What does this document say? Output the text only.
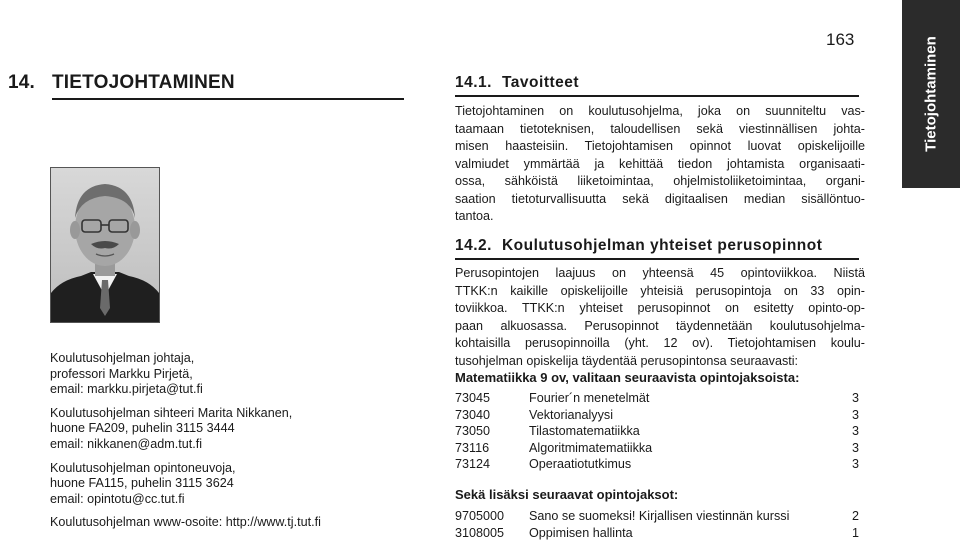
163	Tietojohtaminen
14. TIETOJOHTAMINEN

Koulutusohjelman johtaja,
professori Markku Pirjetä,
email: markku.pirjeta@tut.fi

Koulutusohjelman sihteeri Marita Nikkanen,
huone FA209, puhelin 3115 3444
email: nikkanen@adm.tut.fi

Koulutusohjelman opintoneuvoja,
huone FA115, puhelin 3115 3624
email: opintotu@cc.tut.fi

Koulutusohjelman www-osoite: http://www.tj.tut.fi

14.1. Tavoitteet
Tietojohtaminen on koulutusohjelma, joka on suunniteltu vas-
taamaan tietoteknisen, taloudellisen sekä viestinnällisen johta-
misen haasteisiin. Tietojohtamisen opinnot luovat opiskelijoille
valmiudet ymmärtää ja kehittää tiedon johtamista organisaati-
ossa, sähköistä liiketoimintaa, ohjelmistoliiketoimintaa, organi-
saation tietoturvallisuutta sekä digitaalisen median sisällöntuo-
tantoa.
14.2. Koulutusohjelman yhteiset perusopinnot
Perusopintojen laajuus on yhteensä 45 opintoviikkoa. Niistä
TTKK:n kaikille opiskelijoille yhteisiä perusopintoja on 33 opin-
toviikkoa. TTKK:n yhteiset perusopinnot on esitetty opinto-op-
paan alkuosassa. Perusopinnot täydennetään koulutusohjelma-
kohtaisilla perusopinnoilla (yht. 12 ov). Tietojohtamisen koulu-
tusohjelman opiskelija täydentää perusopintonsa seuraavasti:
Matematiikka 9 ov, valitaan seuraavista opintojaksoista:
73045	Fourier´n menetelmät	3
73040	Vektorianalyysi	3
73050	Tilastomatematiikka	3
73116	Algoritmimatematiikka	3
73124	Operaatiotutkimus	3
Sekä lisäksi seuraavat opintojaksot:
9705000	Sano se suomeksi! Kirjallisen viestinnän kurssi	2
3108005	Oppimisen hallinta	1
